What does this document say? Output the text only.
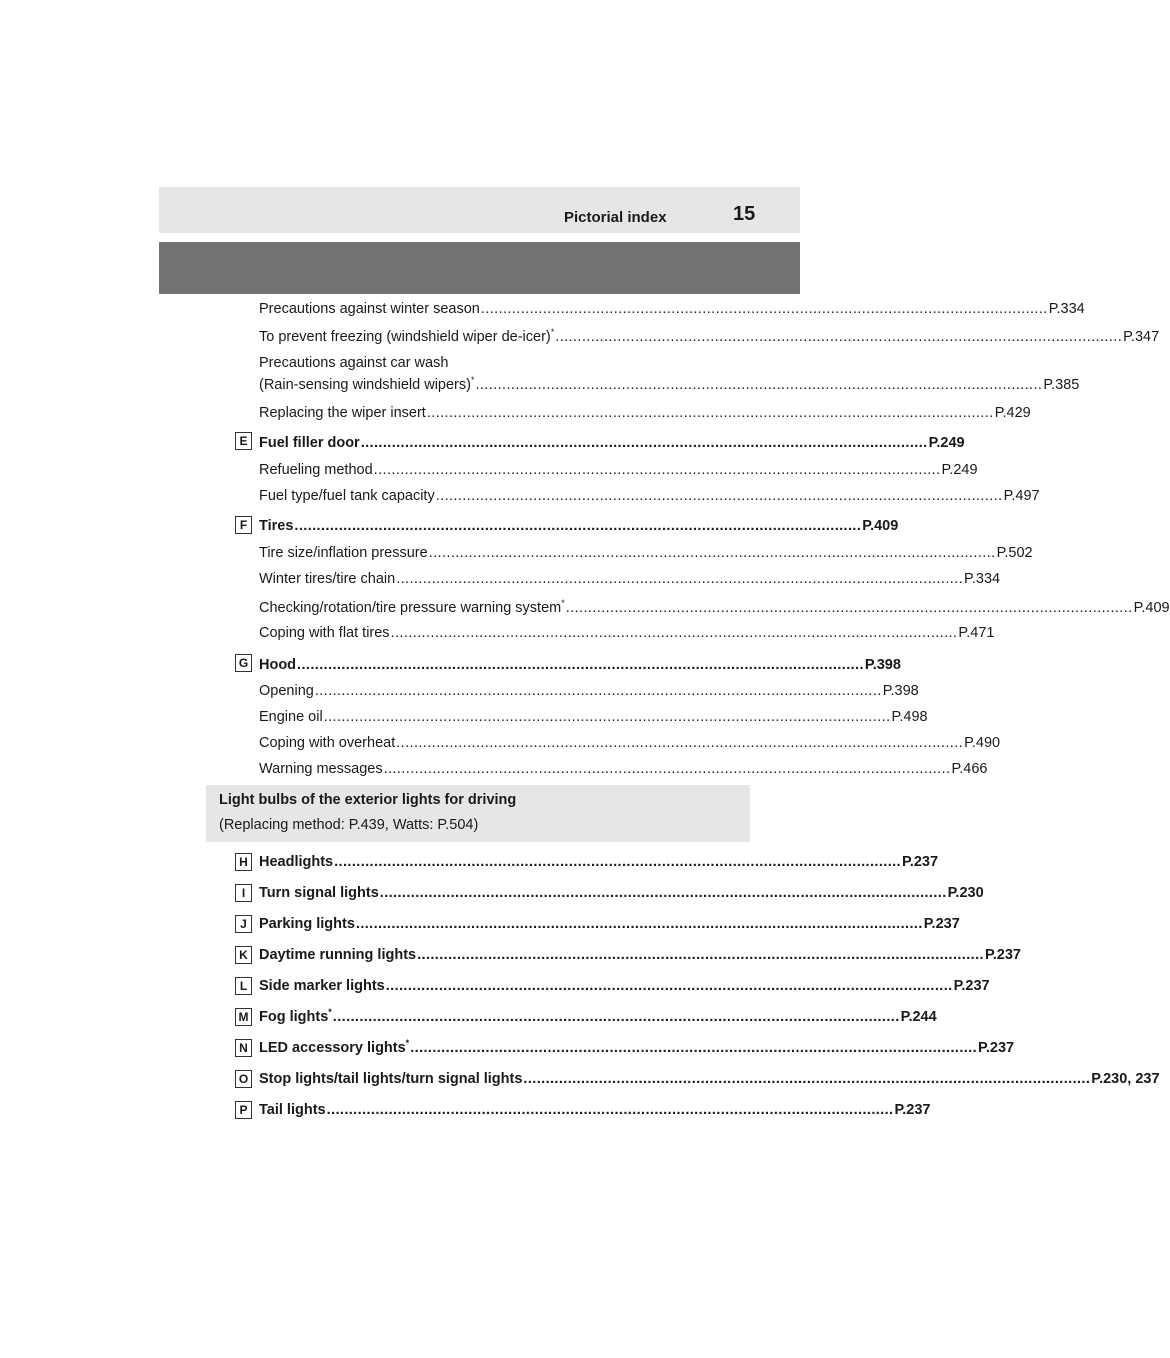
Pictorial index	15
Precautions against winter season ................................................................................................................................ P.334
To prevent freezing (windshield wiper de-icer)* ................................................................................................................................ P.347
Precautions against car wash
(Rain-sensing windshield wipers)* ................................................................................................................................ P.385
Replacing the wiper insert ................................................................................................................................ P.429
E Fuel filler door ................................................................................................................................ P.249
Refueling method ................................................................................................................................ P.249
Fuel type/fuel tank capacity ................................................................................................................................ P.497
F Tires ................................................................................................................................ P.409
Tire size/inflation pressure ................................................................................................................................ P.502
Winter tires/tire chain ................................................................................................................................ P.334
Checking/rotation/tire pressure warning system* ................................................................................................................................ P.409
Coping with flat tires ................................................................................................................................ P.471
G Hood ................................................................................................................................ P.398
Opening ................................................................................................................................ P.398
Engine oil ................................................................................................................................ P.498
Coping with overheat ................................................................................................................................ P.490
Warning messages ................................................................................................................................ P.466
Light bulbs of the exterior lights for driving
(Replacing method: P.439, Watts: P.504)
H Headlights ................................................................................................................................ P.237
I Turn signal lights ................................................................................................................................ P.230
J Parking lights ................................................................................................................................ P.237
K Daytime running lights ................................................................................................................................ P.237
L Side marker lights ................................................................................................................................ P.237
M Fog lights* ................................................................................................................................ P.244
N LED accessory lights* ................................................................................................................................ P.237
O Stop lights/tail lights/turn signal lights ................................................................................................................................ P.230, 237
P Tail lights ................................................................................................................................ P.237
